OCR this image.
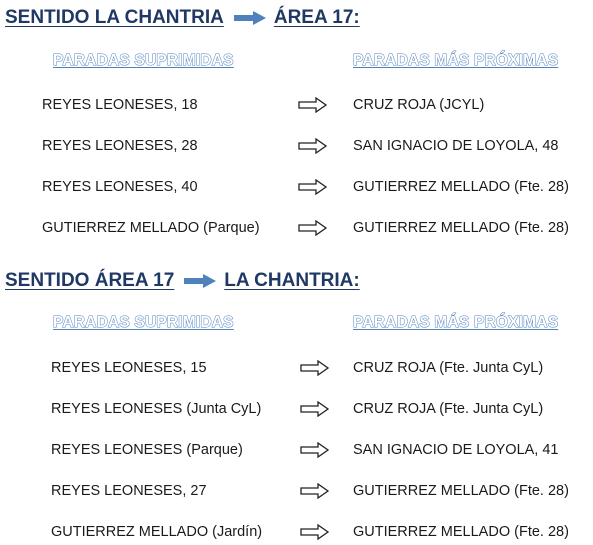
SENTIDO LA CHANTRIA	ÁREA 17:
PARADAS SUPRIMIDAS	PARADAS MÁS PRÓXIMAS
REYES LEONESES, 18	CRUZ ROJA (JCYL)
REYES LEONESES, 28	SAN IGNACIO DE LOYOLA, 48
REYES LEONESES, 40	GUTIERREZ MELLADO (Fte. 28)
GUTIERREZ MELLADO (Parque)	GUTIERREZ MELLADO (Fte. 28)
SENTIDO ÁREA 17	LA CHANTRIA:
PARADAS SUPRIMIDAS	PARADAS MÁS PRÓXIMAS
REYES LEONESES, 15	CRUZ ROJA (Fte. Junta CyL)
REYES LEONESES (Junta CyL)	CRUZ ROJA (Fte. Junta CyL)
REYES LEONESES (Parque)	SAN IGNACIO DE LOYOLA, 41
REYES LEONESES, 27	GUTIERREZ MELLADO (Fte. 28)
GUTIERREZ MELLADO (Jardín)	GUTIERREZ MELLADO (Fte. 28)
